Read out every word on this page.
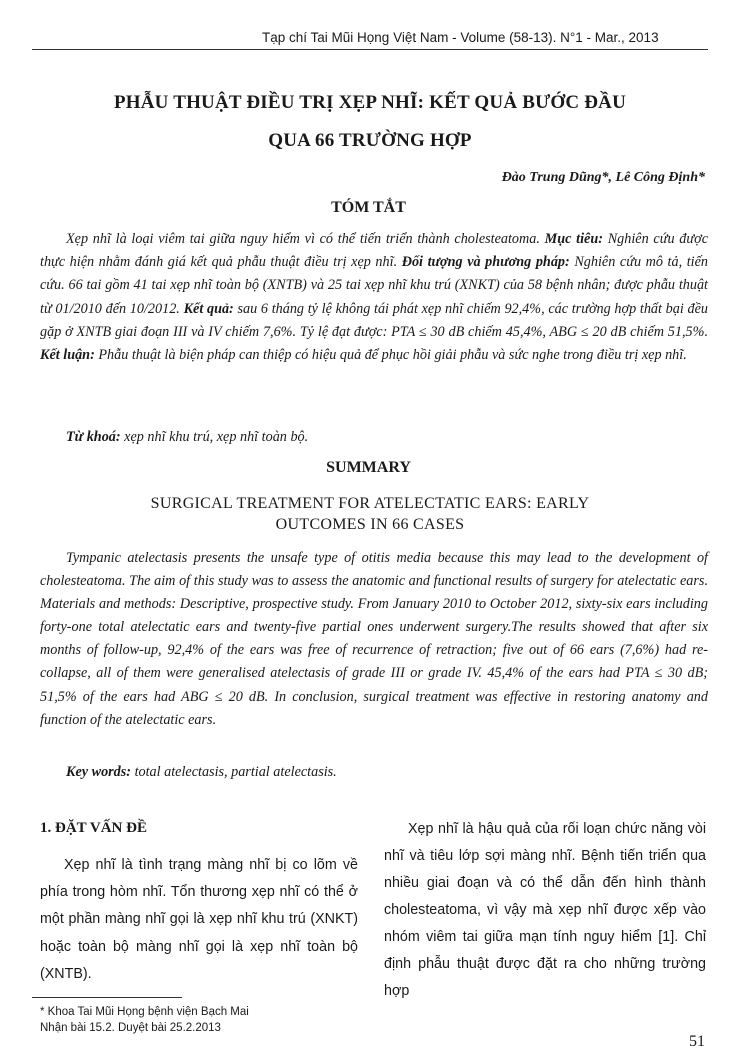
Tạp chí Tai Mũi Họng Việt Nam - Volume (58-13). N°1 - Mar., 2013
PHẪU THUẬT ĐIỀU TRỊ XẸP NHĨ: KẾT QUẢ BƯỚC ĐẦU
QUA 66 TRƯỜNG HỢP
Đào Trung Dũng*, Lê Công Định*
TÓM TẮT

Xẹp nhĩ là loại viêm tai giữa nguy hiểm vì có thể tiến triển thành cholesteatoma. Mục tiêu: Nghiên cứu được thực hiện nhằm đánh giá kết quả phẫu thuật điều trị xẹp nhĩ. Đối tượng và phương pháp: Nghiên cứu mô tả, tiến cứu. 66 tai gồm 41 tai xẹp nhĩ toàn bộ (XNTB) và 25 tai xẹp nhĩ khu trú (XNKT) của 58 bệnh nhân; được phẫu thuật từ 01/2010 đến 10/2012. Kết quả: sau 6 tháng tỷ lệ không tái phát xẹp nhĩ chiếm 92,4%, các trường hợp thất bại đều gặp ở XNTB giai đoạn III và IV chiếm 7,6%. Tỷ lệ đạt được: PTA ≤ 30 dB chiếm 45,4%, ABG ≤ 20 dB chiếm 51,5%. Kết luận: Phẫu thuật là biện pháp can thiệp có hiệu quả để phục hồi giải phẫu và sức nghe trong điều trị xẹp nhĩ.

Từ khoá: xẹp nhĩ khu trú, xẹp nhĩ toàn bộ.
SUMMARY
SURGICAL TREATMENT FOR ATELECTATIC EARS: EARLY
OUTCOMES IN 66 CASES

Tympanic atelectasis presents the unsafe type of otitis media because this may lead to the development of cholesteatoma. The aim of this study was to assess the anatomic and functional results of surgery for atelectatic ears. Materials and methods: Descriptive, prospective study. From January 2010 to October 2012, sixty-six ears including forty-one total atelectatic ears and twenty-five partial ones underwent surgery.The results showed that after six months of follow-up, 92,4% of the ears was free of recurrence of retraction; five out of 66 ears (7,6%) had re-collapse, all of them were generalised atelectasis of grade III or grade IV. 45,4% of the ears had PTA ≤ 30 dB; 51,5% of the ears had ABG ≤ 20 dB. In conclusion, surgical treatment was effective in restoring anatomy and function of the atelectatic ears.

Key words: total atelectasis, partial atelectasis.
1. ĐẶT VẤN ĐỀ

Xẹp nhĩ là tình trạng màng nhĩ bị co lõm về phía trong hòm nhĩ. Tổn thương xẹp nhĩ có thể ở một phần màng nhĩ gọi là xẹp nhĩ khu trú (XNKT) hoặc toàn bộ màng nhĩ gọi là xẹp nhĩ toàn bộ (XNTB).

Xẹp nhĩ là hậu quả của rối loạn chức năng vòi nhĩ và tiêu lớp sợi màng nhĩ. Bệnh tiến triển qua nhiều giai đoạn và có thể dẫn đến hình thành cholesteatoma, vì vậy mà xẹp nhĩ được xếp vào nhóm viêm tai giữa mạn tính nguy hiểm [1]. Chỉ định phẫu thuật được đặt ra cho những trường hợp

* Khoa Tai Mũi Họng bệnh viện Bạch Mai
Nhận bài 15.2. Duyệt bài 25.2.2013
51
